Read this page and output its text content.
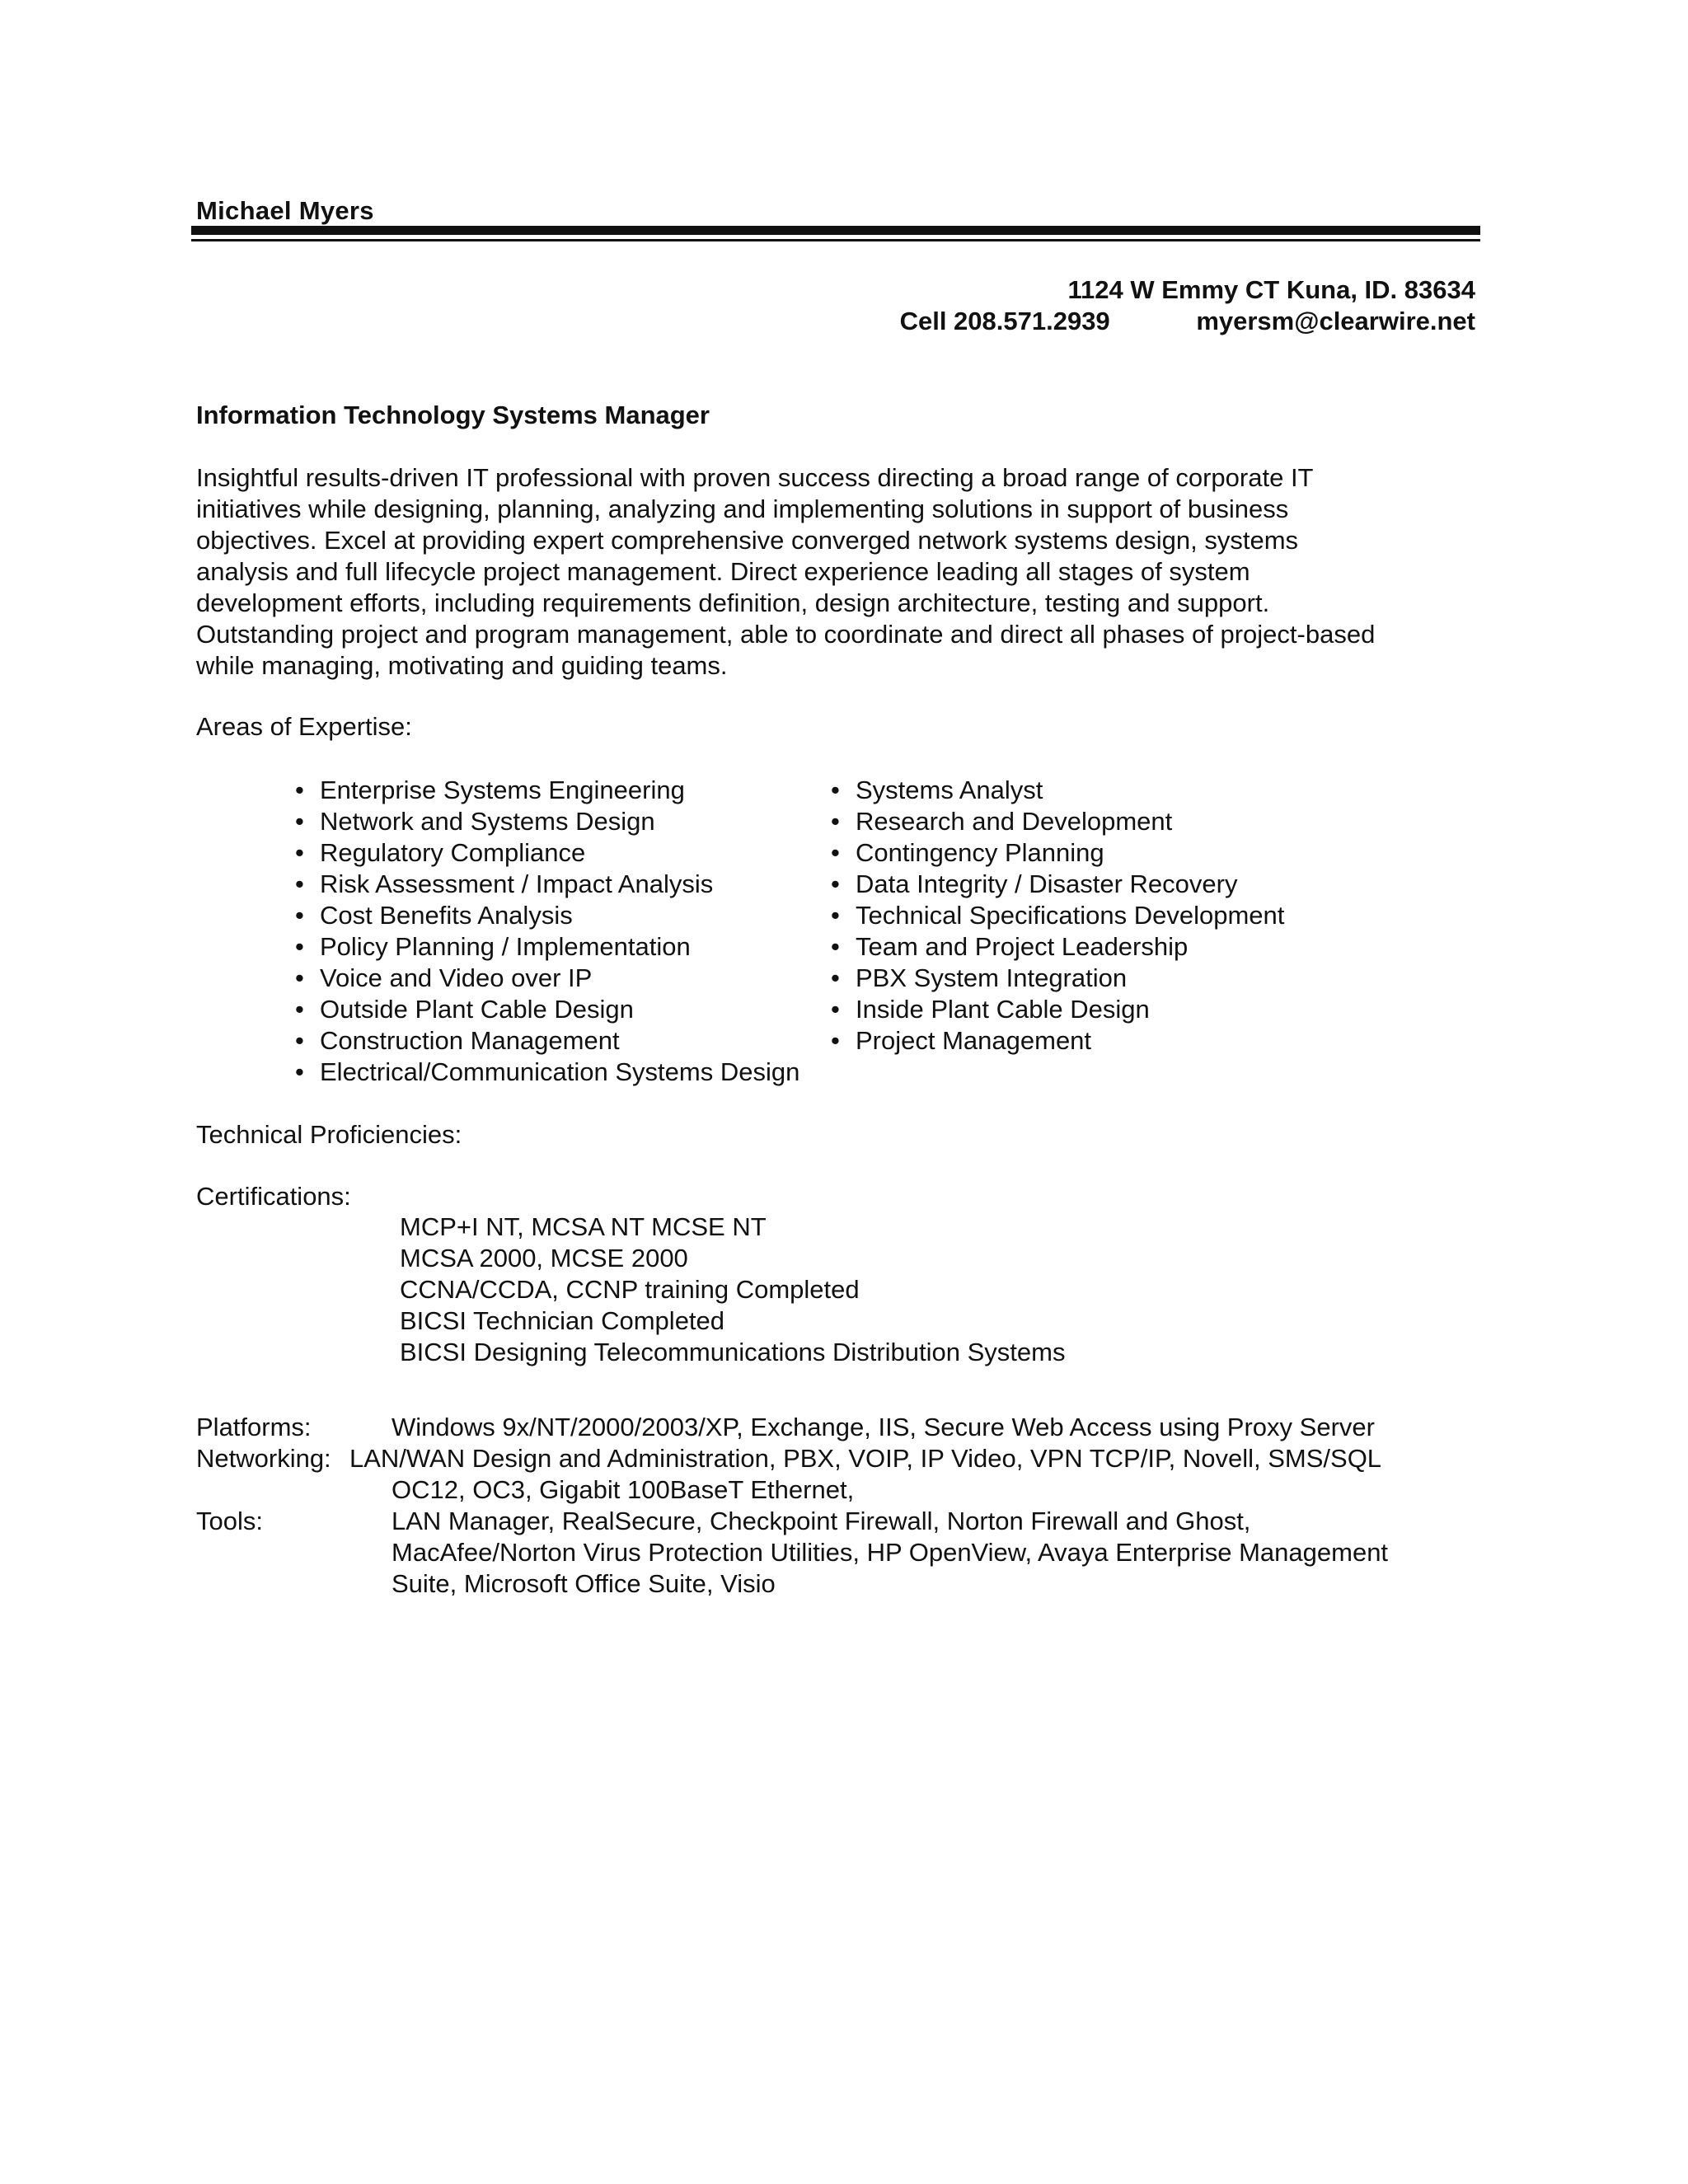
Michael Myers
1124 W Emmy CT Kuna, ID. 83634
Cell 208.571.2939	myersm@clearwire.net
Information Technology Systems Manager
Insightful results-driven IT professional with proven success directing a broad range of corporate IT
initiatives while designing, planning, analyzing and implementing solutions in support of business
objectives. Excel at providing expert comprehensive converged network systems design, systems
analysis and full lifecycle project management. Direct experience leading all stages of system
development efforts, including requirements definition, design architecture, testing and support.
Outstanding project and program management, able to coordinate and direct all phases of project-based
while managing, motivating and guiding teams.
Areas of Expertise:
• Enterprise Systems Engineering
• Network and Systems Design
• Regulatory Compliance
• Risk Assessment / Impact Analysis
• Cost Benefits Analysis
• Policy Planning / Implementation
• Voice and Video over IP
• Outside Plant Cable Design
• Construction Management
• Electrical/Communication Systems Design
• Systems Analyst
• Research and Development
• Contingency Planning
• Data Integrity / Disaster Recovery
• Technical Specifications Development
• Team and Project Leadership
• PBX System Integration
• Inside Plant Cable Design
• Project Management
Technical Proficiencies:
Certifications:
MCP+I NT, MCSA NT MCSE NT
MCSA 2000, MCSE 2000
CCNA/CCDA, CCNP training Completed
BICSI Technician Completed
BICSI Designing Telecommunications Distribution Systems
Platforms:	Windows 9x/NT/2000/2003/XP, Exchange, IIS, Secure Web Access using Proxy Server
Networking: LAN/WAN Design and Administration, PBX, VOIP, IP Video, VPN TCP/IP, Novell, SMS/SQL
OC12, OC3, Gigabit 100BaseT Ethernet,
Tools:	LAN Manager, RealSecure, Checkpoint Firewall, Norton Firewall and Ghost,
MacAfee/Norton Virus Protection Utilities, HP OpenView, Avaya Enterprise Management
Suite, Microsoft Office Suite, Visio
